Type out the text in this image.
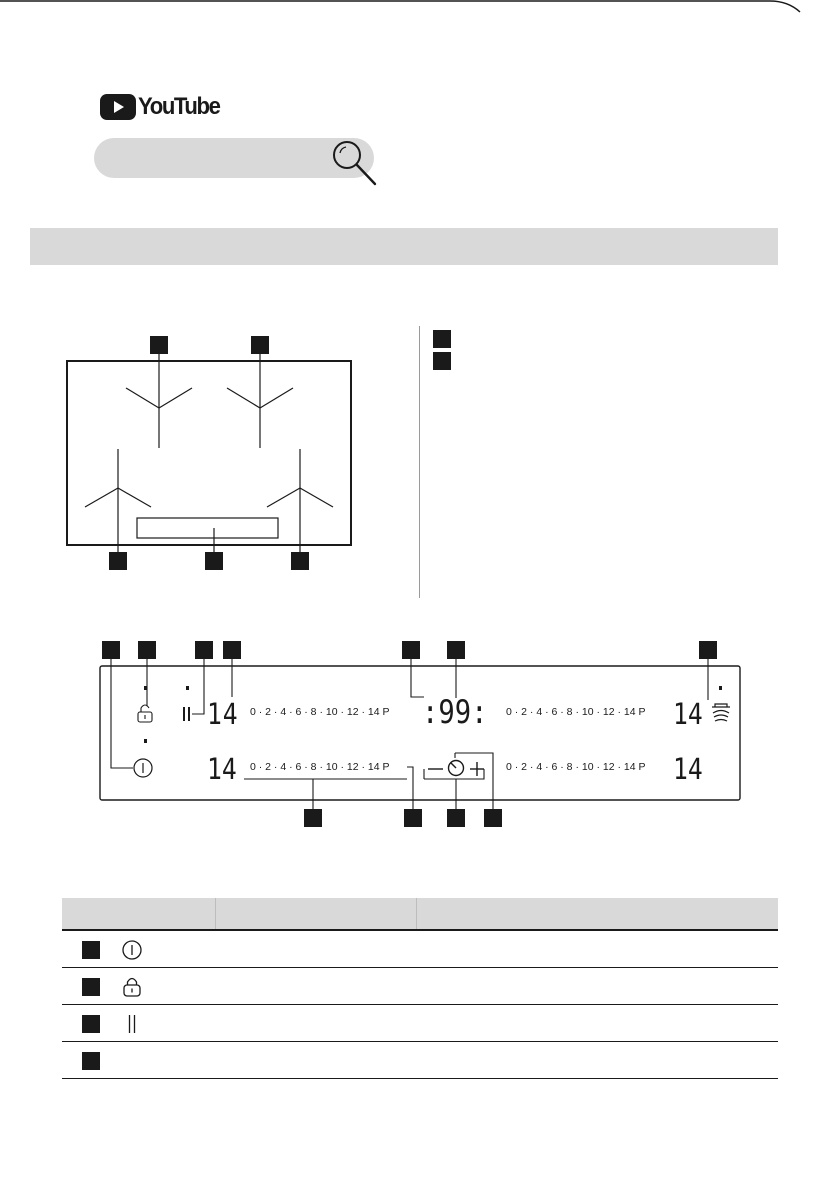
YouTube
14 0 · 2 · 4 · 6 · 8 · 10 · 12 · 14 P :99: 0 · 2 · 4 · 6 · 8 · 10 · 12 · 14 P 14
14 0 · 2 · 4 · 6 · 8 · 10 · 12 · 14 P	0 · 2 · 4 · 6 · 8 · 10 · 12 · 14 P 14
